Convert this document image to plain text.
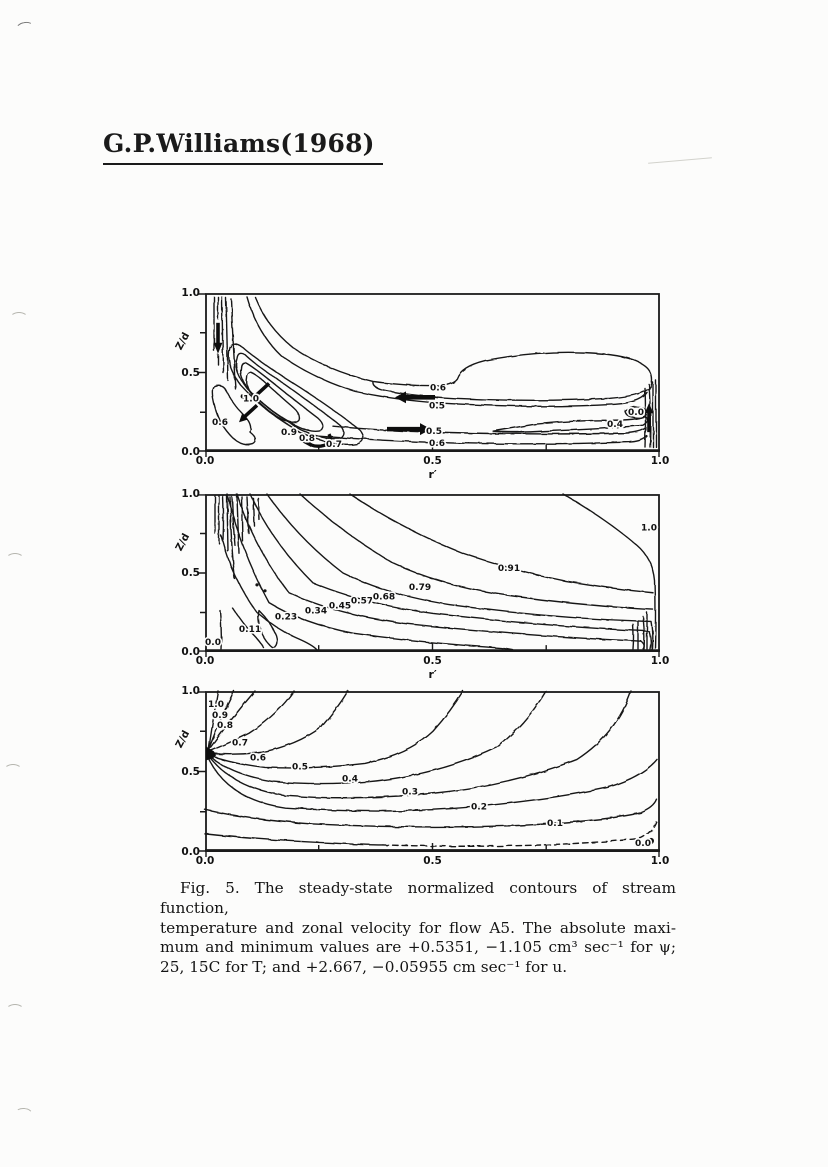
G.P.Williams(1968)
0.6
1.0
0.9
0.8
0.7
0.6
0.5
0.5
0.6
0.4
0.0
1.0
0.5
0.0
0.0	0.5	1.0
Z/d
r′
0.0
0.11
0.23
0.34 0.45 0.57 0.68
0.79
0.91
1.0
1.0
0.5
0.0
0.0	0.5	1.0
Z/d
r′
1.0
0.9
0.8
0.7
0.6
0.5
0.4
0.3
0.2
0.1
0.0
1.0
0.5
0.0
0.0	0.5	1.0
Z/d
Fig. 5. The steady-state normalized contours of stream function,
temperature and zonal velocity for flow A5. The absolute maxi-
mum and minimum values are +0.5351, −1.105 cm³ sec⁻¹ for ψ;
25, 15C for T; and +2.667, −0.05955 cm sec⁻¹ for u.
